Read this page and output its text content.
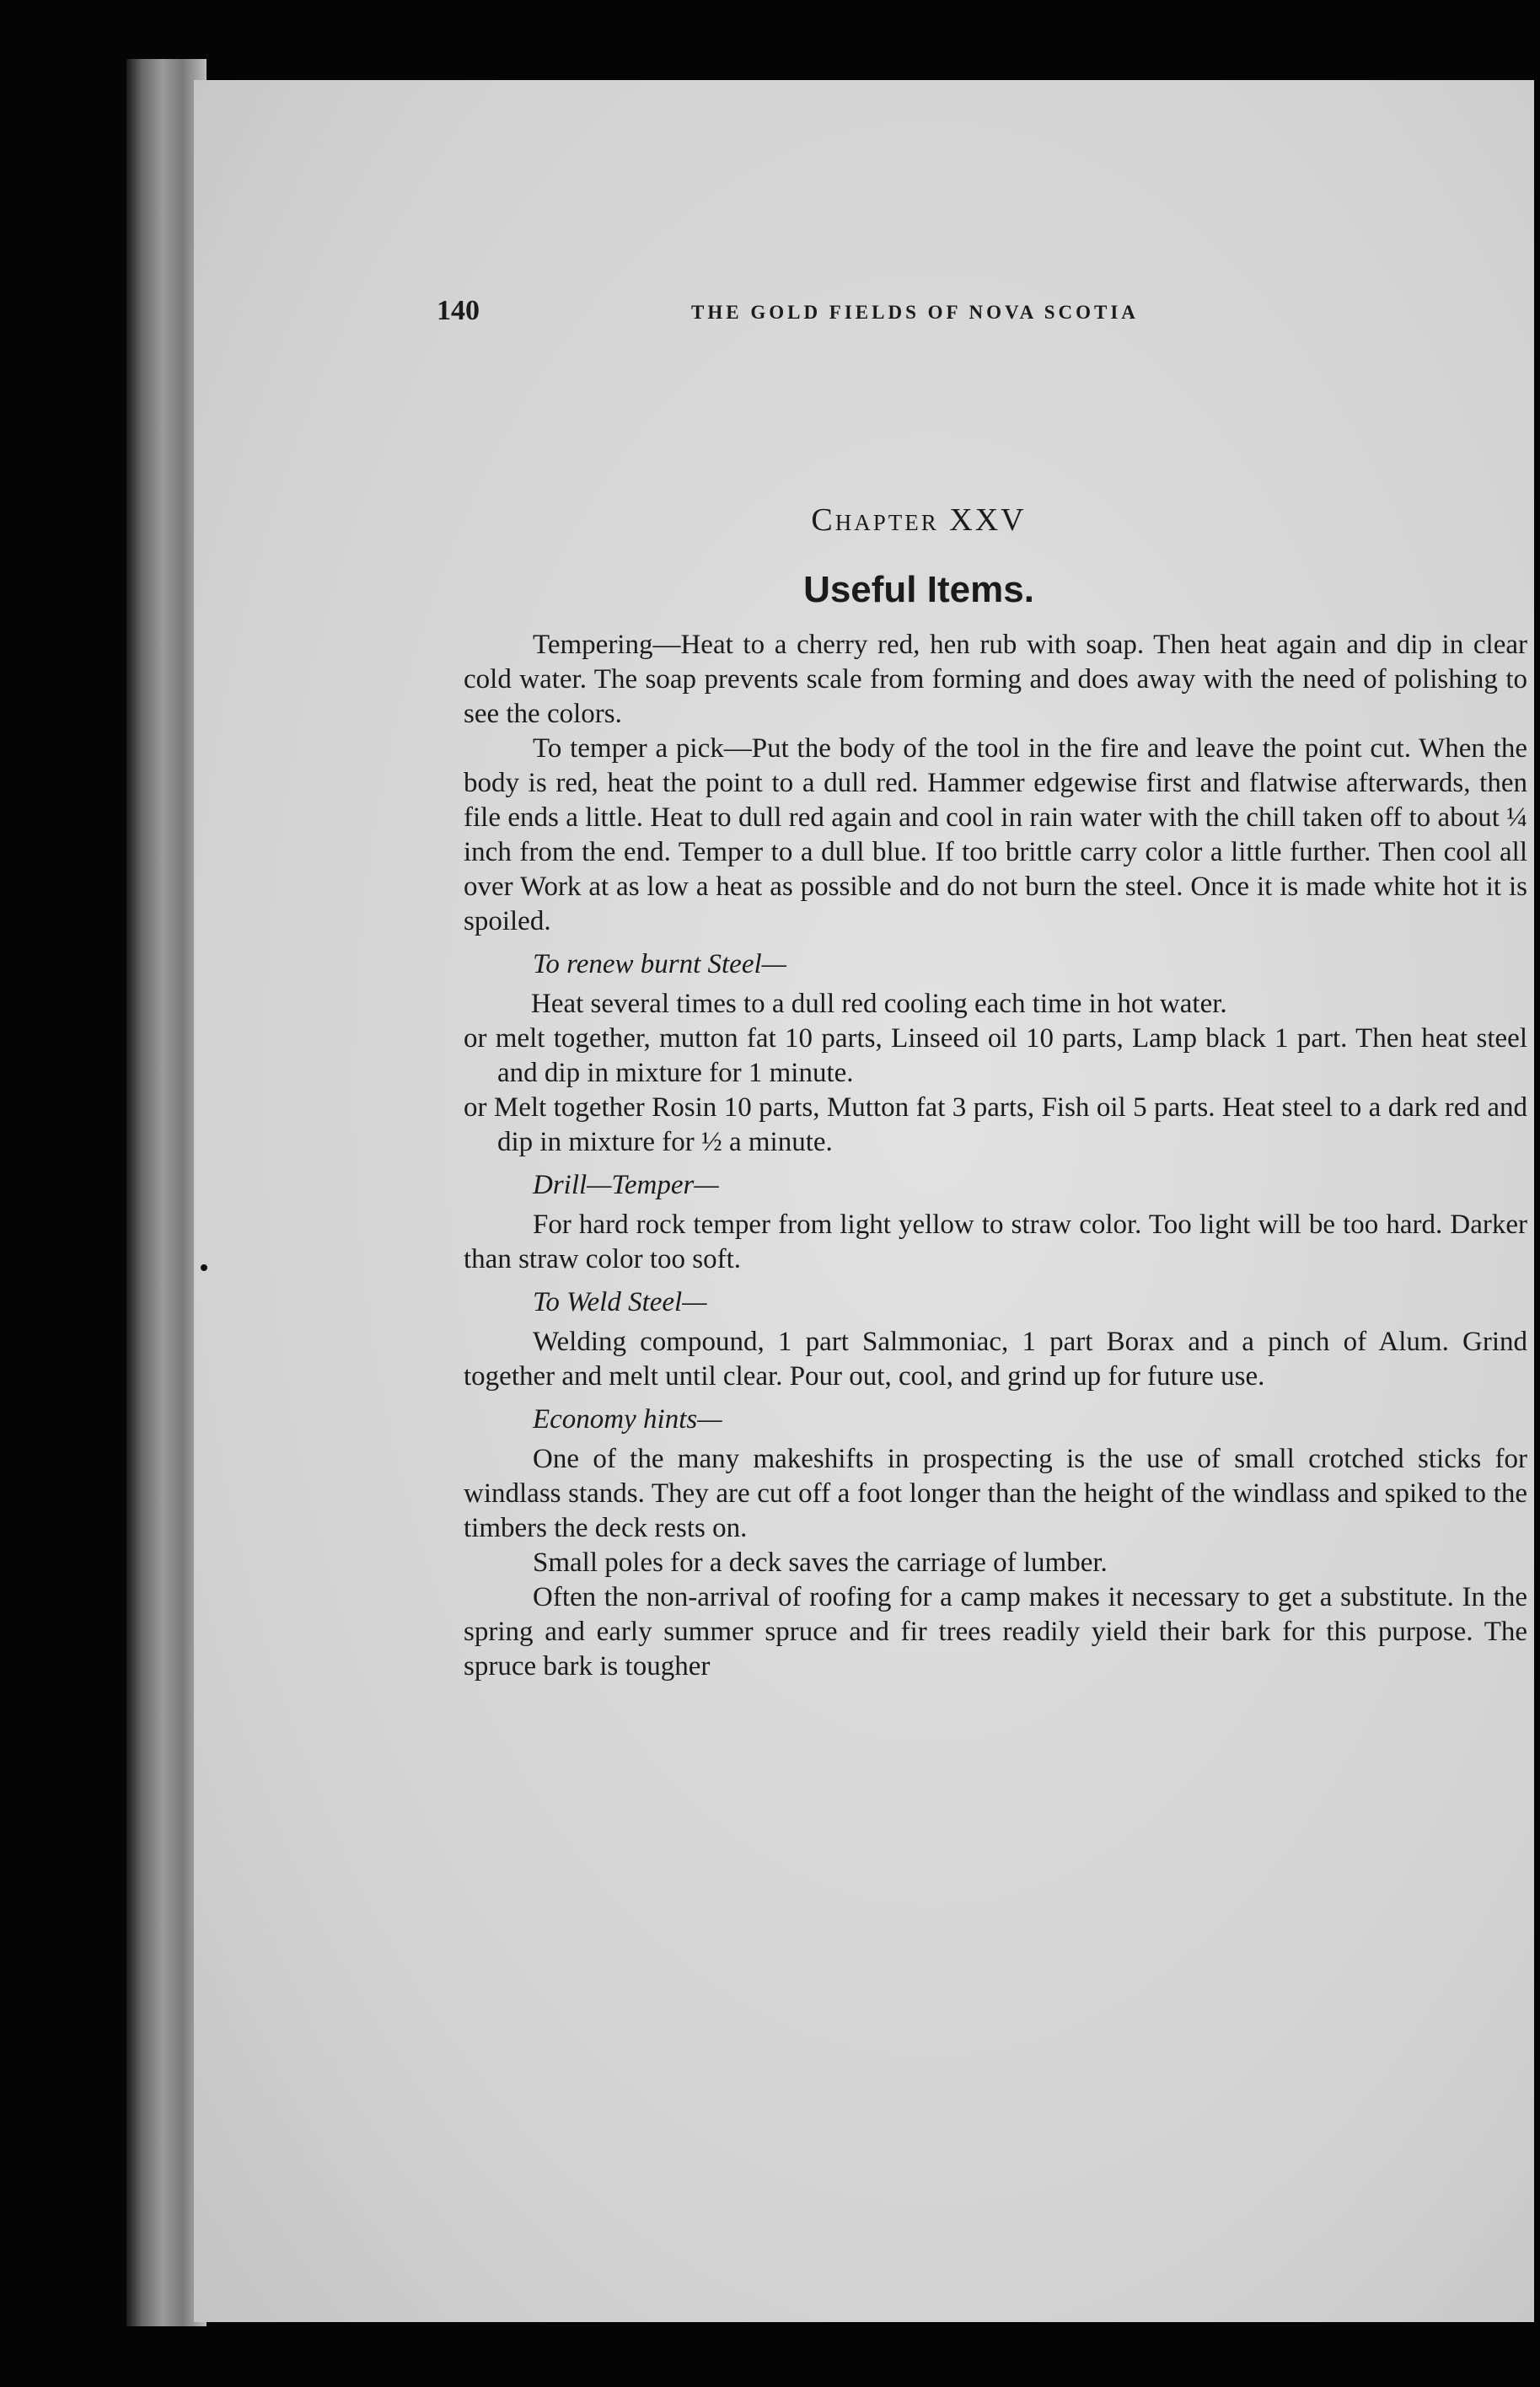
140	THE GOLD FIELDS OF NOVA SCOTIA
Chapter XXV
Useful Items.

Tempering—Heat to a cherry red, hen rub with soap. Then heat again and dip in clear cold water. The soap prevents scale from forming and does away with the need of polishing to see the colors.

To temper a pick—Put the body of the tool in the fire and leave the point cut. When the body is red, heat the point to a dull red. Hammer edgewise first and flatwise afterwards, then file ends a little. Heat to dull red again and cool in rain water with the chill taken off to about ¼ inch from the end. Temper to a dull blue. If too brittle carry color a little further. Then cool all over Work at as low a heat as possible and do not burn the steel. Once it is made white hot it is spoiled.

To renew burnt Steel—

Heat several times to a dull red cooling each time in hot water.

or melt together, mutton fat 10 parts, Linseed oil 10 parts, Lamp black 1 part. Then heat steel and dip in mixture for 1 minute.

or Melt together Rosin 10 parts, Mutton fat 3 parts, Fish oil 5 parts. Heat steel to a dark red and dip in mixture for ½ a minute.

Drill—Temper—

For hard rock temper from light yellow to straw color. Too light will be too hard. Darker than straw color too soft.

To Weld Steel—

Welding compound, 1 part Salmmoniac, 1 part Borax and a pinch of Alum. Grind together and melt until clear. Pour out, cool, and grind up for future use.

Economy hints—

One of the many makeshifts in prospecting is the use of small crotched sticks for windlass stands. They are cut off a foot longer than the height of the windlass and spiked to the timbers the deck rests on.

Small poles for a deck saves the carriage of lumber.

Often the non-arrival of roofing for a camp makes it necessary to get a substitute. In the spring and early summer spruce and fir trees readily yield their bark for this purpose. The spruce bark is tougher
